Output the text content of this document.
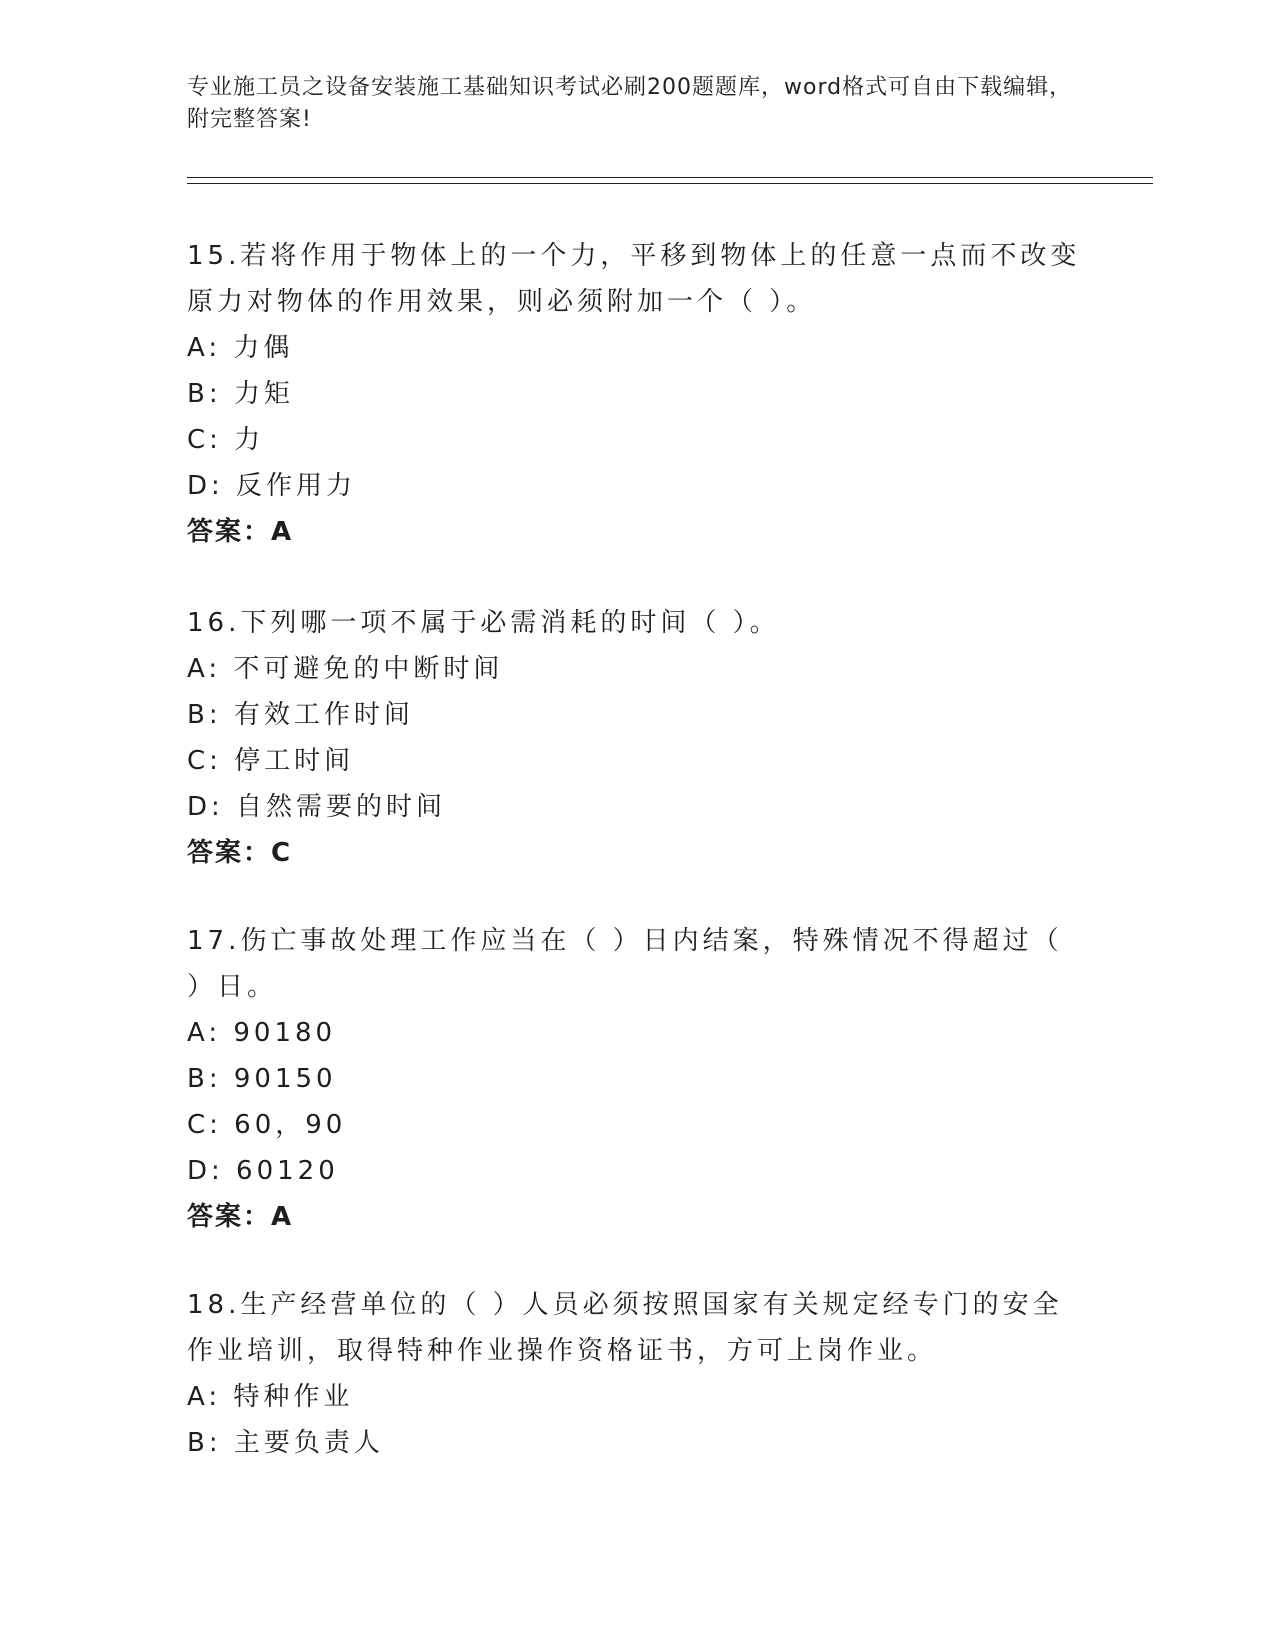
专业施工员之设备安装施工基础知识考试必刷200题题库，word格式可自由下载编辑，附完整答案!

15.若将作用于物体上的一个力，平移到物体上的任意一点而不改变原力对物体的作用效果，则必须附加一个（ ）。

A: 力偶

B: 力矩

C: 力

D: 反作用力

答案：A

16.下列哪一项不属于必需消耗的时间（ ）。

A: 不可避免的中断时间

B: 有效工作时间

C: 停工时间

D: 自然需要的时间

答案：C

17.伤亡事故处理工作应当在（ ）日内结案，特殊情况不得超过（ ）日。

A: 90180

B: 90150

C: 60，90

D: 60120

答案：A

18.生产经营单位的（ ）人员必须按照国家有关规定经专门的安全作业培训，取得特种作业操作资格证书，方可上岗作业。

A: 特种作业

B: 主要负责人
